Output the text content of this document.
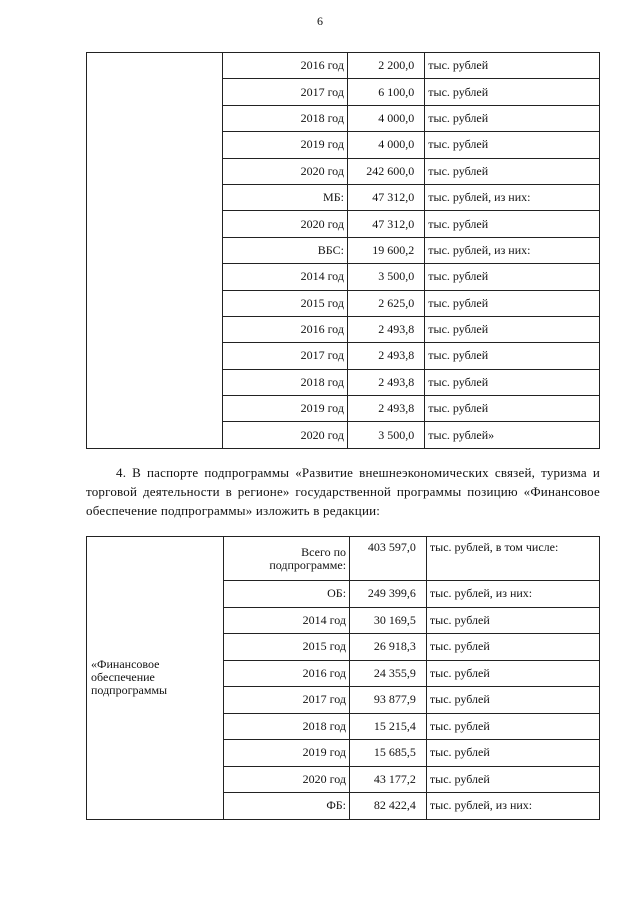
6
	2016 год	2 200,0	тыс. рублей
	2017 год	6 100,0	тыс. рублей
	2018 год	4 000,0	тыс. рублей
	2019 год	4 000,0	тыс. рублей
	2020 год	242 600,0	тыс. рублей
	МБ:	47 312,0	тыс. рублей, из них:
	2020 год	47 312,0	тыс. рублей
	ВБС:	19 600,2	тыс. рублей, из них:
	2014 год	3 500,0	тыс. рублей
	2015 год	2 625,0	тыс. рублей
	2016 год	2 493,8	тыс. рублей
	2017 год	2 493,8	тыс. рублей
	2018 год	2 493,8	тыс. рублей
	2019 год	2 493,8	тыс. рублей
	2020 год	3 500,0	тыс. рублей»
4. В паспорте подпрограммы «Развитие внешнеэкономических связей, туризма и торговой деятельности в регионе» государственной программы позицию «Финансовое обеспечение подпрограммы» изложить в редакции:
«Финансовое обеспечение подпрограммы	Всего по подпрограмме:	403 597,0	тыс. рублей, в том числе:
	ОБ:	249 399,6	тыс. рублей, из них:
	2014 год	30 169,5	тыс. рублей
	2015 год	26 918,3	тыс. рублей
	2016 год	24 355,9	тыс. рублей
	2017 год	93 877,9	тыс. рублей
	2018 год	15 215,4	тыс. рублей
	2019 год	15 685,5	тыс. рублей
	2020 год	43 177,2	тыс. рублей
	ФБ:	82 422,4	тыс. рублей, из них:
